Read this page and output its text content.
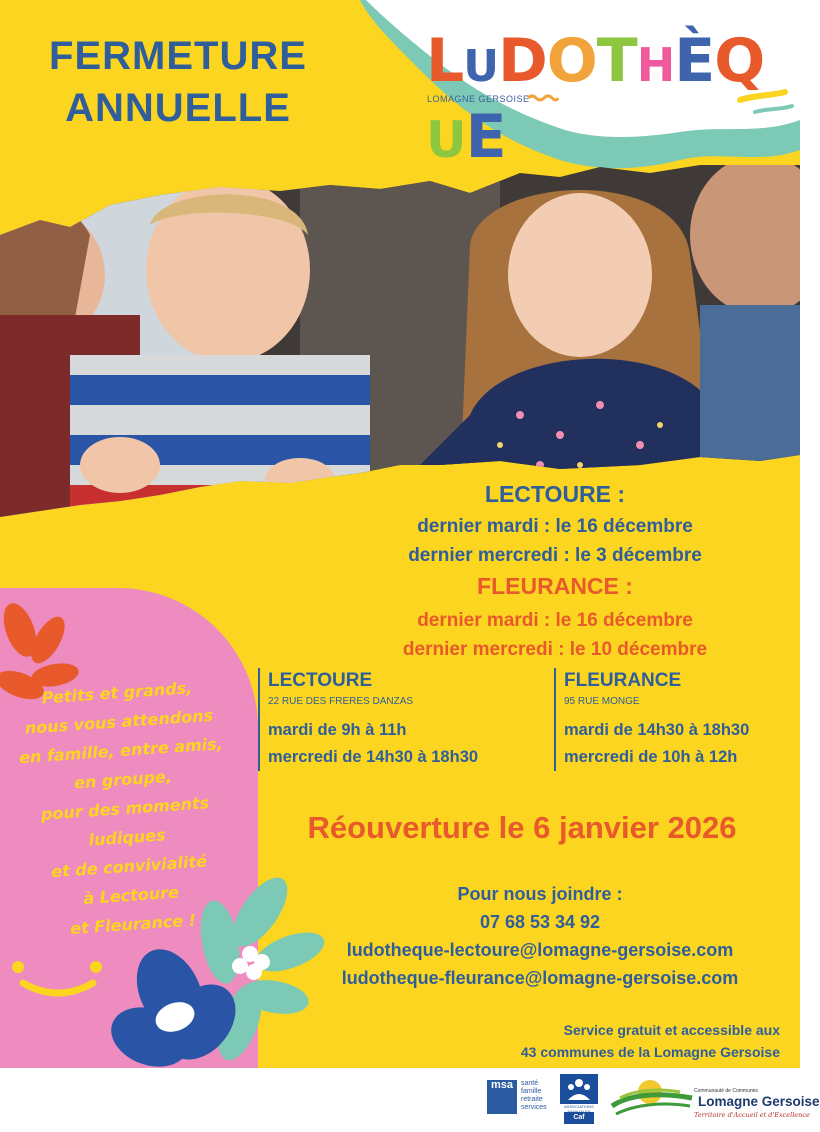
FERMETURE
ANNUELLE
LUDOTHÈQUE
LOMAGNE GERSOISE
LECTOURE :
dernier mardi : le 16 décembre
dernier mercredi : le 3 décembre
FLEURANCE :
dernier mardi : le 16 décembre
dernier mercredi : le 10 décembre
LECTOURE
22 RUE DES FRERES DANZAS
mardi de 9h à 11h
mercredi de 14h30 à 18h30
FLEURANCE
95 RUE MONGE
mardi de 14h30 à 18h30
mercredi de 10h à 12h
Petits et grands,
nous vous attendons
en famille, entre amis,
en groupe,
pour des moments
ludiques
et de convivialité
à Lectoure
et Fleurance !
Réouverture le 6 janvier 2026
Pour nous joindre :
07 68 53 34 92
ludotheque-lectoure@lomagne-gersoise.com
ludotheque-fleurance@lomagne-gersoise.com
Service gratuit et accessible aux
43 communes de la Lomagne Gersoise
msa	santé
famille
retraite
services	ASSOCIATIONS
Caf
Communauté de Communes
Lomagne Gersoise
Territoire d'Accueil et d'Excellence
